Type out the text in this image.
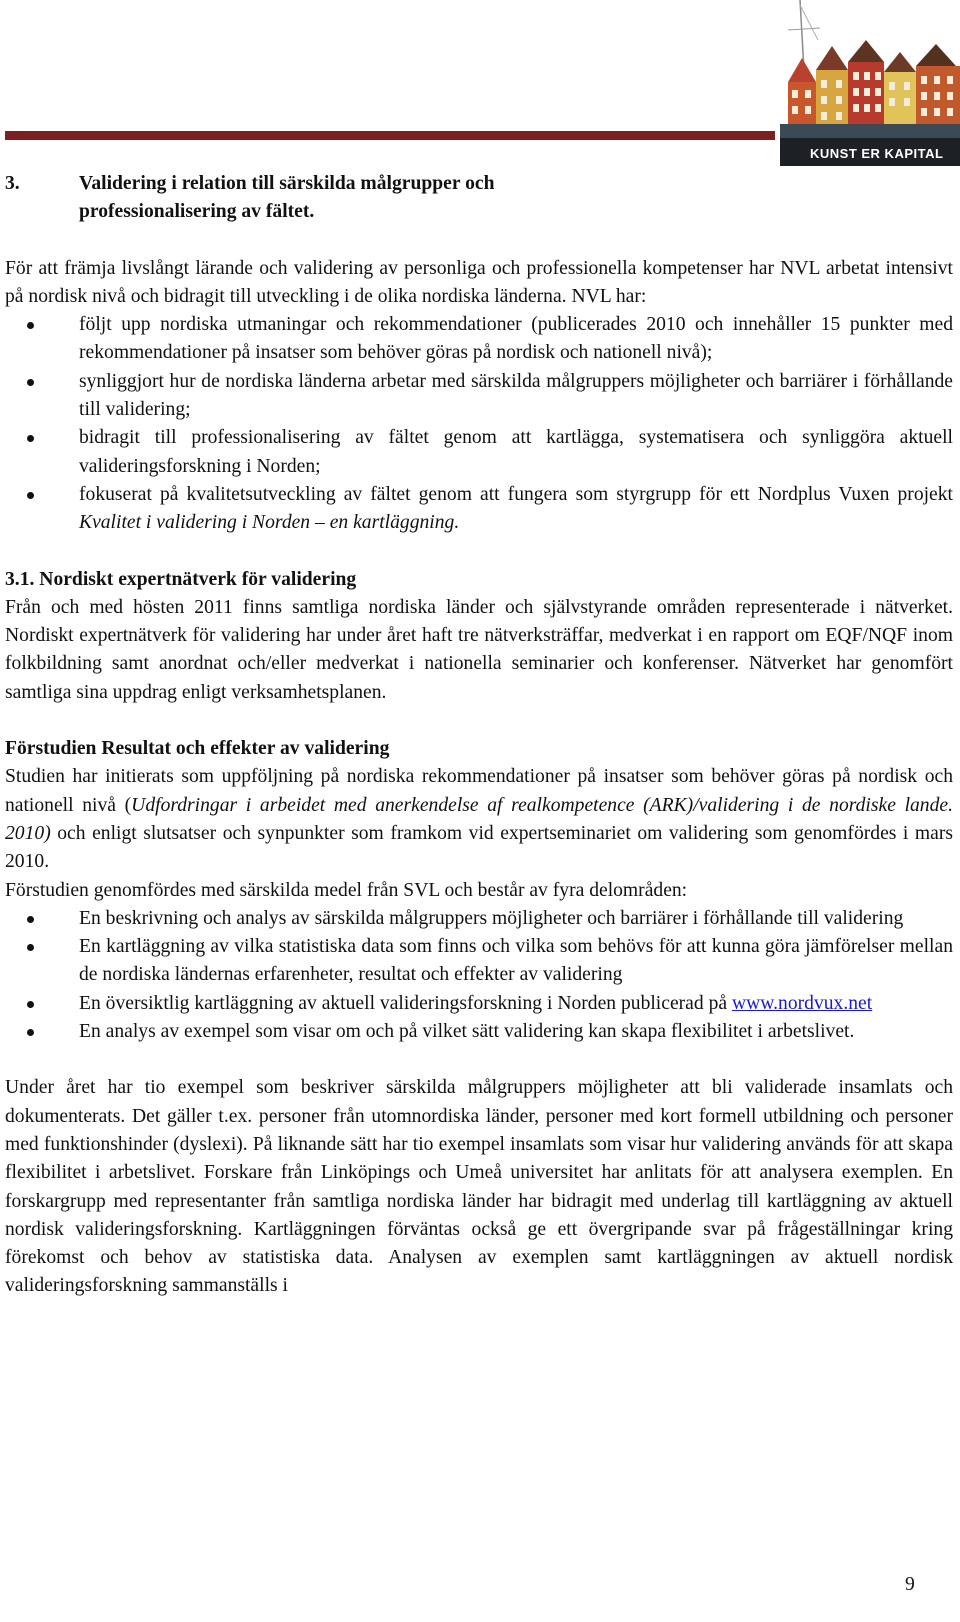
KUNST ER KAPITAL
3.	Validering i relation till särskilda målgrupper och professionalisering av fältet.

För att främja livslångt lärande och validering av personliga och professionella kompetenser har NVL arbetat intensivt på nordisk nivå och bidragit till utveckling i de olika nordiska länderna. NVL har:

följt upp nordiska utmaningar och rekommendationer (publicerades 2010 och innehåller 15 punkter med rekommendationer på insatser som behöver göras på nordisk och nationell nivå);
synliggjort hur de nordiska länderna arbetar med särskilda målgruppers möjligheter och barriärer i förhållande till validering;
bidragit till professionalisering av fältet genom att kartlägga, systematisera och synliggöra aktuell valideringsforskning i Norden;
fokuserat på kvalitetsutveckling av fältet genom att fungera som styrgrupp för ett Nordplus Vuxen projekt Kvalitet i validering i Norden – en kartläggning.

3.1. Nordiskt expertnätverk för validering

Från och med hösten 2011 finns samtliga nordiska länder och självstyrande områden representerade i nätverket. Nordiskt expertnätverk för validering har under året haft tre nätverksträffar, medverkat i en rapport om EQF/NQF inom folkbildning samt anordnat och/eller medverkat i nationella seminarier och konferenser. Nätverket har genomfört samtliga sina uppdrag enligt verksamhetsplanen.

Förstudien Resultat och effekter av validering

Studien har initierats som uppföljning på nordiska rekommendationer på insatser som behöver göras på nordisk och nationell nivå (Udfordringar i arbeidet med anerkendelse af realkompetence (ARK)/validering i de nordiske lande. 2010) och enligt slutsatser och synpunkter som framkom vid expertseminariet om validering som genomfördes i mars 2010.

Förstudien genomfördes med särskilda medel från SVL och består av fyra delområden:

En beskrivning och analys av särskilda målgruppers möjligheter och barriärer i förhållande till validering
En kartläggning av vilka statistiska data som finns och vilka som behövs för att kunna göra jämförelser mellan de nordiska ländernas erfarenheter, resultat och effekter av validering
En översiktlig kartläggning av aktuell valideringsforskning i Norden publicerad på www.nordvux.net
En analys av exempel som visar om och på vilket sätt validering kan skapa flexibilitet i arbetslivet.

Under året har tio exempel som beskriver särskilda målgruppers möjligheter att bli validerade insamlats och dokumenterats. Det gäller t.ex. personer från utomnordiska länder, personer med kort formell utbildning och personer med funktionshinder (dyslexi). På liknande sätt har tio exempel insamlats som visar hur validering används för att skapa flexibilitet i arbetslivet. Forskare från Linköpings och Umeå universitet har anlitats för att analysera exemplen. En forskargrupp med representanter från samtliga nordiska länder har bidragit med underlag till kartläggning av aktuell nordisk valideringsforskning. Kartläggningen förväntas också ge ett övergripande svar på frågeställningar kring förekomst och behov av statistiska data. Analysen av exemplen samt kartläggningen av aktuell nordisk valideringsforskning sammanställs i

9
